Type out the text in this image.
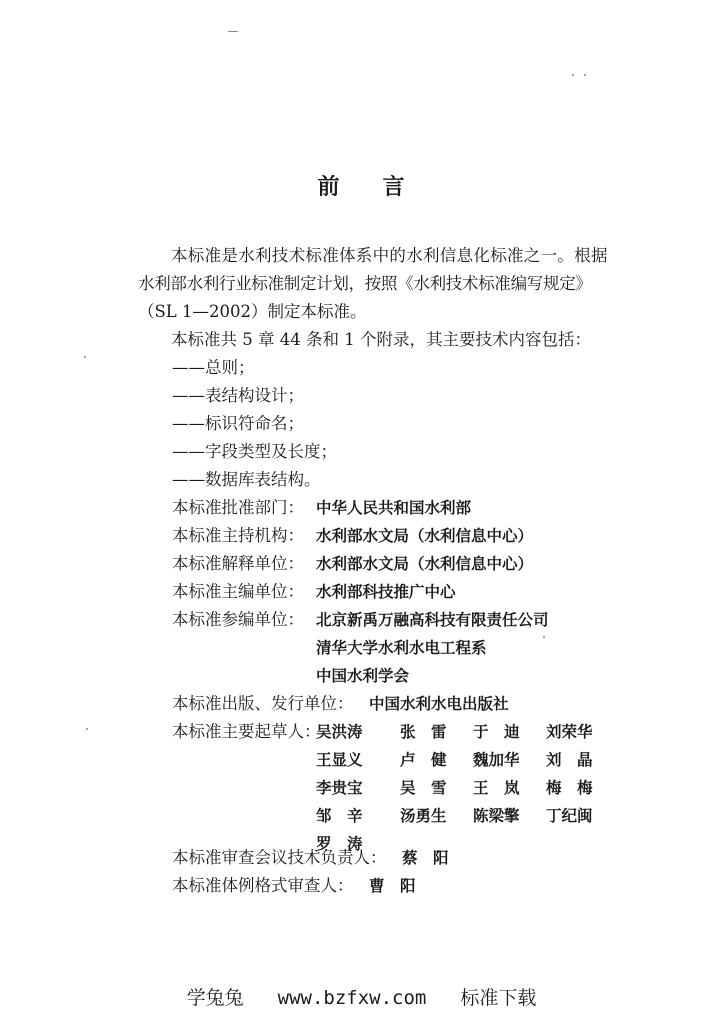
前 言
本标准是水利技术标准体系中的水利信息化标准之一。根据
水利部水利行业标准制定计划，按照《水利技术标准编写规定》
（SL 1—2002）制定本标准。
本标准共 5 章 44 条和 1 个附录，其主要技术内容包括：
——总则；
——表结构设计；
——标识符命名；
——字段类型及长度；
——数据库表结构。
本标准批准部门： 中华人民共和国水利部
本标准主持机构： 水利部水文局（水利信息中心）
本标准解释单位： 水利部水文局（水利信息中心）
本标准主编单位： 水利部科技推广中心
本标准参编单位： 北京新禹万融高科技有限责任公司
清华大学水利水电工程系
中国水利学会
本标准出版、发行单位： 中国水利水电出版社
本标准主要起草人：
吴洪涛 张　雷 于　迪 刘荣华
王显义 卢　健 魏加华 刘　晶
李贵宝 吴　雪 王　岚 梅　梅
邹　辛 汤勇生 陈梁擎 丁纪闽
罗　涛
本标准审查会议技术负责人： 蔡　阳
本标准体例格式审查人： 曹　阳
学兔兔 www.bzfxw.com 标准下载
